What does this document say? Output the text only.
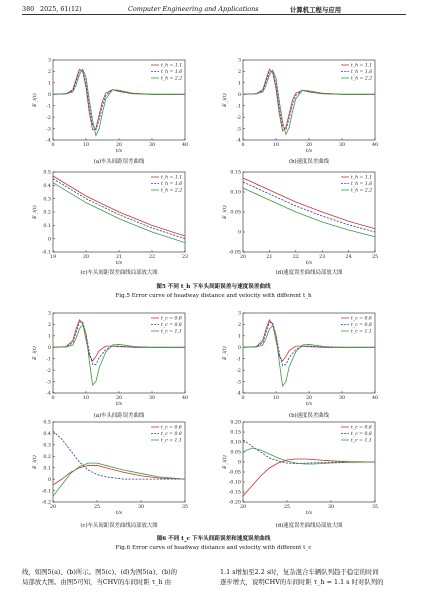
380 2025, 61(12)	Computer Engineering and Applications	计算机工程与应用
0	10	20	30	40
-4
-3
-2
-1
0
1
2
3
t/s
E_i(t)
t_h = 1.1
t_h = 1.6
t_h = 2.2
0	10	20	30	40
-4
-3
-2
-1
0
1
2
3
t/s
E_i(t)
t_h = 1.1
t_h = 1.6
t_h = 2.2
(a)车头间距误差曲线	(b)速度误差曲线
19	20	21	22	23
-0.1
0
0.1
0.2
0.3
0.4
0.5
t/s
E_i(t)
t_h = 1.1
t_h = 1.6
t_h = 2.2
20	21	22	23	24	25
-0.05
0
0.05
0.10
0.15
t/s
E_i(t)
t_h = 1.1
t_h = 1.6
t_h = 2.2
(c)车头间距误差曲线局部放大图	(d)速度误差曲线局部放大图
图5 不同 t_h 下车头间距误差与速度误差曲线
Fig.5 Error curve of headway distance and velocity with different t_h
0	10	20	30	40
-4
-3
-2
-1
0
1
2
3
t/s
E_i(t)
t_c = 0.6
t_c = 0.8
t_c = 1.1
0	10	20	30	40
-4
-3
-2
-1
0
1
2
3
t/s
E_i(t)
t_c = 0.6
t_c = 0.8
t_c = 1.1
(a)车头间距误差曲线	(b)速度误差曲线
20	25	30	35
-0.2
-0.1
0
0.1
0.2
0.3
0.4
0.5
t/s
E_i(t)
t_c = 0.6
t_c = 0.8
t_c = 1.1
20	25	30	35
-0.20
-0.15
-0.10
-0.05
0
0.05
0.10
0.15
0.20
t/s
E_i(t)
t_c = 0.6
t_c = 0.8
t_c = 1.1
(c)车头间距误差曲线局部放大图	(d)速度误差曲线局部放大图
图6 不同 t_c 下车头间距误差和速度误差曲线
Fig.6 Error curve of headway distance and velocity with different t_c
线，如图5(a)、(b)所示。图5(c)、(d)为图5(a)、(b)的
局部放大图。由图5可知，当CHV的车间时距 τ_h 由
1.1 s增加至2.2 s时，复杂混合车辆队列趋于稳定的时间
逐步增大，说明CHV的车间时距 τ_h = 1.1 s 时对队列的
